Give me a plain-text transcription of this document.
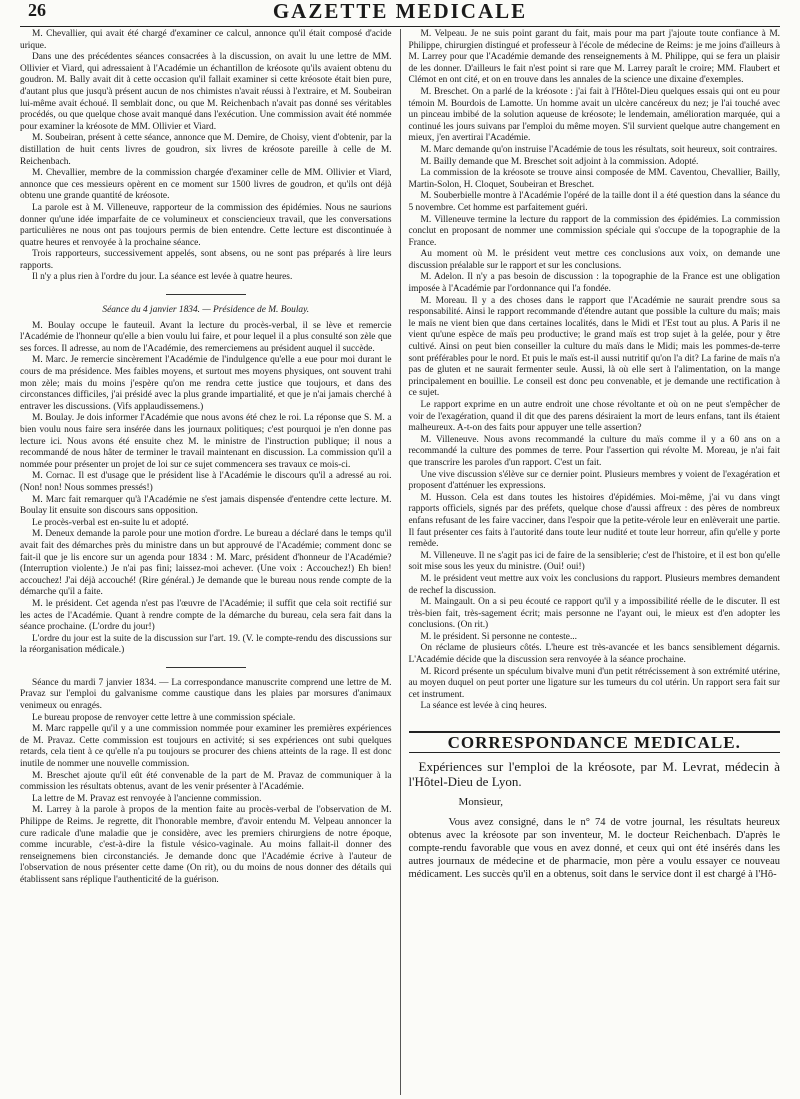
26	GAZETTE MEDICALE

M. Chevallier, qui avait été chargé d'examiner ce calcul, annonce qu'il était composé d'acide urique.

Dans une des précédentes séances consacrées à la discussion, on avait lu une lettre de MM. Ollivier et Viard, qui adressaient à l'Académie un échantillon de kréosote qu'ils avaient obtenu du goudron. M. Bally avait dit à cette occasion qu'il fallait examiner si cette kréosote était bien pure, d'autant plus que jusqu'à présent aucun de nos chimistes n'avait réussi à l'extraire, et M. Soubeiran lui-même avait échoué. Il semblait donc, ou que M. Reichenbach n'avait pas donné ses véritables procédés, ou que quelque chose avait manqué dans l'exécution. Une commission avait été nommée pour examiner la kréosote de MM. Ollivier et Viard.

M. Soubeiran, présent à cette séance, annonce que M. Demire, de Choisy, vient d'obtenir, par la distillation de huit cents livres de goudron, six livres de kréosote pareille à celle de M. Reichenbach.

M. Chevallier, membre de la commission chargée d'examiner celle de MM. Ollivier et Viard, annonce que ces messieurs opèrent en ce moment sur 1500 livres de goudron, et qu'ils ont déjà obtenu une grande quantité de kréosote.

La parole est à M. Villeneuve, rapporteur de la commission des épidémies. Nous ne saurions donner qu'une idée imparfaite de ce volumineux et consciencieux travail, que les conversations particulières ne nous ont pas toujours permis de bien entendre. Cette lecture est discontinuée à quatre heures et renvoyée à la prochaine séance.

Trois rapporteurs, successivement appelés, sont absens, ou ne sont pas préparés à lire leurs rapports.

Il n'y a plus rien à l'ordre du jour. La séance est levée à quatre heures.

Séance du 4 janvier 1834. — Présidence de M. Boulay.

M. Boulay occupe le fauteuil. Avant la lecture du procès-verbal, il se lève et remercie l'Académie de l'honneur qu'elle a bien voulu lui faire, et pour lequel il a plus consulté son zèle que ses forces. Il adresse, au nom de l'Académie, des remerciemens au président auquel il succède.

M. Marc. Je remercie sincèrement l'Académie de l'indulgence qu'elle a eue pour moi durant le cours de ma présidence. Mes faibles moyens, et surtout mes moyens physiques, ont souvent trahi mon zèle; mais du moins j'espère qu'on me rendra cette justice que toujours, et dans des circonstances difficiles, j'ai présidé avec la plus grande impartialité, et que je n'ai jamais cherché à entraver les discussions. (Vifs applaudissemens.)

M. Boulay. Je dois informer l'Académie que nous avons été chez le roi. La réponse que S. M. a bien voulu nous faire sera insérée dans les journaux politiques; c'est pourquoi je n'en donne pas lecture ici. Nous avons été ensuite chez M. le ministre de l'instruction publique; il nous a recommandé de nous hâter de terminer le travail maintenant en discussion. La commission qu'il a nommée pour présenter un projet de loi sur ce sujet commencera ses travaux ce mois-ci.

M. Cornac. Il est d'usage que le président lise à l'Académie le discours qu'il a adressé au roi. (Non! non! Nous sommes pressés!)

M. Marc fait remarquer qu'à l'Académie ne s'est jamais dispensée d'entendre cette lecture. M. Boulay lit ensuite son discours sans opposition.

Le procès-verbal est en-suite lu et adopté.

M. Deneux demande la parole pour une motion d'ordre. Le bureau a déclaré dans le temps qu'il avait fait des démarches près du ministre dans un but approuvé de l'Académie; comment donc se fait-il que je lis encore sur un agenda pour 1834 : M. Marc, président d'honneur de l'Académie? (Interruption violente.) Je n'ai pas fini; laissez-moi achever. (Une voix : Accouchez!) Eh bien! accouchez! J'ai déjà accouché! (Rire général.) Je demande que le bureau nous rende compte de la démarche qu'il a faite.

M. le président. Cet agenda n'est pas l'œuvre de l'Académie; il suffit que cela soit rectifié sur les actes de l'Académie. Quant à rendre compte de la démarche du bureau, cela sera fait dans la séance prochaine. (L'ordre du jour!)

L'ordre du jour est la suite de la discussion sur l'art. 19. (V. le compte-rendu des discussions sur la réorganisation médicale.)

Séance du mardi 7 janvier 1834. — La correspondance manuscrite comprend une lettre de M. Pravaz sur l'emploi du galvanisme comme caustique dans les plaies par morsures d'animaux venimeux ou enragés.

Le bureau propose de renvoyer cette lettre à une commission spéciale.

M. Marc rappelle qu'il y a une commission nommée pour examiner les premières expériences de M. Pravaz. Cette commission est toujours en activité; si ses expériences ont subi quelques retards, cela tient à ce qu'elle n'a pu toujours se procurer des chiens atteints de la rage. Il est donc inutile de nommer une nouvelle commission.

M. Breschet ajoute qu'il eût été convenable de la part de M. Pravaz de communiquer à la commission les résultats obtenus, avant de les venir présenter à l'Académie.

La lettre de M. Pravaz est renvoyée à l'ancienne commission.

M. Larrey à la parole à propos de la mention faite au procès-verbal de l'observation de M. Philippe de Reims. Je regrette, dit l'honorable membre, d'avoir entendu M. Velpeau annoncer la cure radicale d'une maladie que je considère, avec les premiers chirurgiens de notre époque, comme incurable, c'est-à-dire la fistule vésico-vaginale. Au moins fallait-il donner des renseignemens bien circonstanciés. Je demande donc que l'Académie écrive à l'auteur de l'observation de nous présenter cette dame (On rit), ou du moins de nous donner des détails qui établissent sans réplique l'authenticité de la guérison.

M. Velpeau. Je ne suis point garant du fait, mais pour ma part j'ajoute toute confiance à M. Philippe, chirurgien distingué et professeur à l'école de médecine de Reims: je me joins d'ailleurs à M. Larrey pour que l'Académie demande des renseignements à M. Philippe, qui se fera un plaisir de les donner. D'ailleurs le fait n'est point si rare que M. Larrey paraît le croire; MM. Flaubert et Clémot en ont cité, et on en trouve dans les annales de la science une dixaine d'exemples.

M. Breschet. On a parlé de la kréosote : j'ai fait à l'Hôtel-Dieu quelques essais qui ont eu pour témoin M. Bourdois de Lamotte. Un homme avait un ulcère cancéreux du nez; je l'ai touché avec un pinceau imbibé de la solution aqueuse de kréosote; le lendemain, amélioration marquée, qui a continué les jours suivans par l'emploi du même moyen. S'il survient quelque autre changement en mieux, j'en avertirai l'Académie.

M. Marc demande qu'on instruise l'Académie de tous les résultats, soit heureux, soit contraires.

M. Bailly demande que M. Breschet soit adjoint à la commission. Adopté.

La commission de la kréosote se trouve ainsi composée de MM. Caventou, Chevallier, Bailly, Martin-Solon, H. Cloquet, Soubeiran et Breschet.

M. Souberbielle montre à l'Académie l'opéré de la taille dont il a été question dans la séance du 5 novembre. Cet homme est parfaitement guéri.

M. Villeneuve termine la lecture du rapport de la commission des épidémies. La commission conclut en proposant de nommer une commission spéciale qui s'occupe de la topographie de la France.

Au moment où M. le président veut mettre ces conclusions aux voix, on demande une discussion préalable sur le rapport et sur les conclusions.

M. Adelon. Il n'y a pas besoin de discussion : la topographie de la France est une obligation imposée à l'Académie par l'ordonnance qui l'a fondée.

M. Moreau. Il y a des choses dans le rapport que l'Académie ne saurait prendre sous sa responsabilité. Ainsi le rapport recommande d'étendre autant que possible la culture du maïs; mais le maïs ne vient bien que dans certaines localités, dans le Midi et l'Est tout au plus. A Paris il ne vient qu'une espèce de maïs peu productive; le grand maïs est trop sujet à la gelée, pour y être cultivé. Ainsi on peut bien conseiller la culture du maïs dans le Midi; mais les pommes-de-terre sont préférables pour le nord. Et puis le maïs est-il aussi nutritif qu'on l'a dit? La farine de maïs n'a pas de gluten et ne saurait fermenter seule. Aussi, là où elle sert à l'alimentation, on la mange principalement en bouillie. Le conseil est donc peu convenable, et je demande une rectification à ce sujet.

Le rapport exprime en un autre endroit une chose révoltante et où on ne peut s'empêcher de voir de l'exagération, quand il dit que des parens désiraient la mort de leurs enfans, tant ils étaient malheureux. A-t-on des faits pour appuyer une telle assertion?

M. Villeneuve. Nous avons recommandé la culture du maïs comme il y a 60 ans on a recommandé la culture des pommes de terre. Pour l'assertion qui révolte M. Moreau, je n'ai fait que transcrire les paroles d'un rapport. C'est un fait.

Une vive discussion s'élève sur ce dernier point. Plusieurs membres y voient de l'exagération et proposent d'atténuer les expressions.

M. Husson. Cela est dans toutes les histoires d'épidémies. Moi-même, j'ai vu dans vingt rapports officiels, signés par des préfets, quelque chose d'aussi affreux : des pères de nombreux enfans refusant de les faire vacciner, dans l'espoir que la petite-vérole leur en enlèverait une partie. Il faut présenter ces faits à l'autorité dans toute leur nudité et toute leur horreur, afin qu'elle y porte remède.

M. Villeneuve. Il ne s'agit pas ici de faire de la sensiblerie; c'est de l'histoire, et il est bon qu'elle soit mise sous les yeux du ministre. (Oui! oui!)

M. le président veut mettre aux voix les conclusions du rapport. Plusieurs membres demandent de rechef la discussion.

M. Maingault. On a si peu écouté ce rapport qu'il y a impossibilité réelle de le discuter. Il est très-bien fait, très-sagement écrit; mais personne ne l'ayant oui, le mieux est d'en adopter les conclusions. (On rit.)

M. le président. Si personne ne conteste...

On réclame de plusieurs côtés. L'heure est très-avancée et les bancs sensiblement dégarnis. L'Académie décide que la discussion sera renvoyée à la séance prochaine.

M. Ricord présente un spéculum bivalve muni d'un petit rétrécissement à son extrémité utérine, au moyen duquel on peut porter une ligature sur les tumeurs du col utérin. Un rapport sera fait sur cet instrument.

La séance est levée à cinq heures.

CORRESPONDANCE MEDICALE.

Expériences sur l'emploi de la kréosote, par M. Levrat, médecin à l'Hôtel-Dieu de Lyon.

Monsieur,

Vous avez consigné, dans le n° 74 de votre journal, les résultats heureux obtenus avec la kréosote par son inventeur, M. le docteur Reichenbach. D'après le compte-rendu favorable que vous en avez donné, et ceux qui ont été insérés dans les autres journaux de médecine et de pharmacie, mon père a voulu essayer ce nouveau médicament. Les succès qu'il en a obtenus, soit dans le service dont il est chargé à l'Hô-
